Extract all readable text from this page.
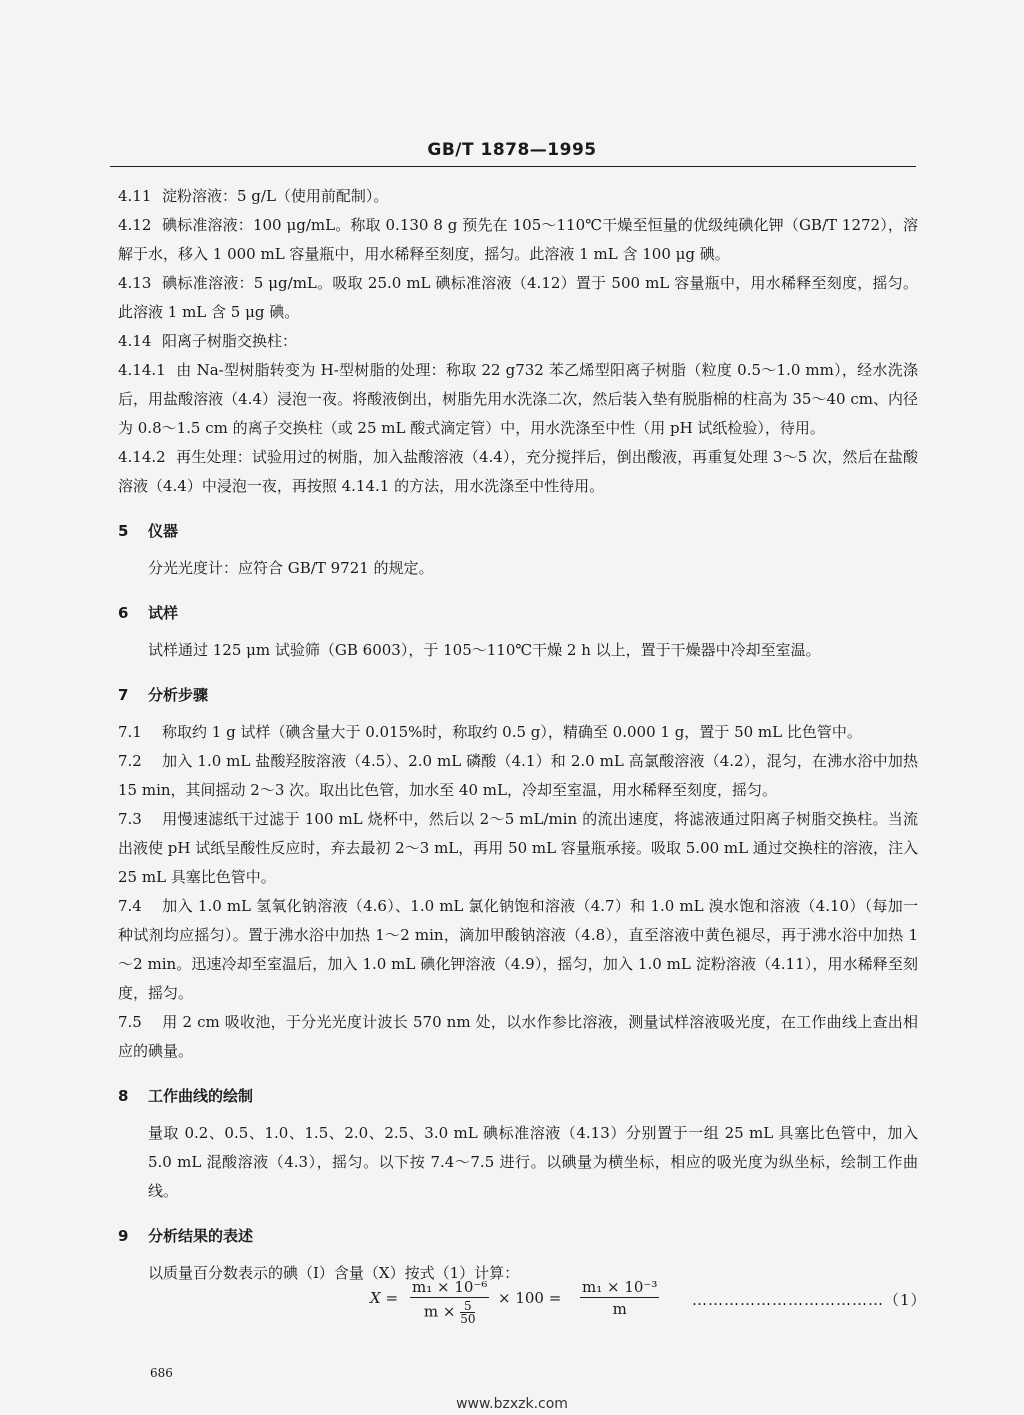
GB/T 1878—1995

4.11 淀粉溶液：5 g/L（使用前配制）。

4.12 碘标准溶液：100 μg/mL。称取 0.130 8 g 预先在 105～110℃干燥至恒量的优级纯碘化钾（GB/T 1272），溶解于水，移入 1 000 mL 容量瓶中，用水稀释至刻度，摇匀。此溶液 1 mL 含 100 μg 碘。

4.13 碘标准溶液：5 μg/mL。吸取 25.0 mL 碘标准溶液（4.12）置于 500 mL 容量瓶中，用水稀释至刻度，摇匀。此溶液 1 mL 含 5 μg 碘。

4.14 阳离子树脂交换柱：

4.14.1 由 Na-型树脂转变为 H-型树脂的处理：称取 22 g732 苯乙烯型阳离子树脂（粒度 0.5～1.0 mm），经水洗涤后，用盐酸溶液（4.4）浸泡一夜。将酸液倒出，树脂先用水洗涤二次，然后装入垫有脱脂棉的柱高为 35～40 cm、内径为 0.8～1.5 cm 的离子交换柱（或 25 mL 酸式滴定管）中，用水洗涤至中性（用 pH 试纸检验），待用。

4.14.2 再生处理：试验用过的树脂，加入盐酸溶液（4.4），充分搅拌后，倒出酸液，再重复处理 3～5 次，然后在盐酸溶液（4.4）中浸泡一夜，再按照 4.14.1 的方法，用水洗涤至中性待用。

5 仪器

分光光度计：应符合 GB/T 9721 的规定。

6 试样

试样通过 125 μm 试验筛（GB 6003），于 105～110℃干燥 2 h 以上，置于干燥器中冷却至室温。

7 分析步骤

7.1 称取约 1 g 试样（碘含量大于 0.015%时，称取约 0.5 g），精确至 0.000 1 g，置于 50 mL 比色管中。

7.2 加入 1.0 mL 盐酸羟胺溶液（4.5）、2.0 mL 磷酸（4.1）和 2.0 mL 高氯酸溶液（4.2），混匀，在沸水浴中加热 15 min，其间摇动 2～3 次。取出比色管，加水至 40 mL，冷却至室温，用水稀释至刻度，摇匀。

7.3 用慢速滤纸干过滤于 100 mL 烧杯中，然后以 2～5 mL/min 的流出速度，将滤液通过阳离子树脂交换柱。当流出液使 pH 试纸呈酸性反应时，弃去最初 2～3 mL，再用 50 mL 容量瓶承接。吸取 5.00 mL 通过交换柱的溶液，注入 25 mL 具塞比色管中。

7.4 加入 1.0 mL 氢氧化钠溶液（4.6）、1.0 mL 氯化钠饱和溶液（4.7）和 1.0 mL 溴水饱和溶液（4.10）（每加一种试剂均应摇匀）。置于沸水浴中加热 1～2 min，滴加甲酸钠溶液（4.8），直至溶液中黄色褪尽，再于沸水浴中加热 1～2 min。迅速冷却至室温后，加入 1.0 mL 碘化钾溶液（4.9），摇匀，加入 1.0 mL 淀粉溶液（4.11），用水稀释至刻度，摇匀。

7.5 用 2 cm 吸收池，于分光光度计波长 570 nm 处，以水作参比溶液，测量试样溶液吸光度，在工作曲线上查出相应的碘量。

8 工作曲线的绘制

量取 0.2、0.5、1.0、1.5、2.0、2.5、3.0 mL 碘标准溶液（4.13）分别置于一组 25 mL 具塞比色管中，加入 5.0 mL 混酸溶液（4.3），摇匀。以下按 7.4～7.5 进行。以碘量为横坐标，相应的吸光度为纵坐标，绘制工作曲线。

9 分析结果的表述

以质量百分数表示的碘（I）含量（X）按式（1）计算：

$X = \frac{\text{m₁ × 10⁻⁶}}{m \times \frac{5}{50}} \times 100 = \frac{\text{m₁ × 10⁻³}}{m}$ ………………………………（1）
686
www.bzxzk.com
